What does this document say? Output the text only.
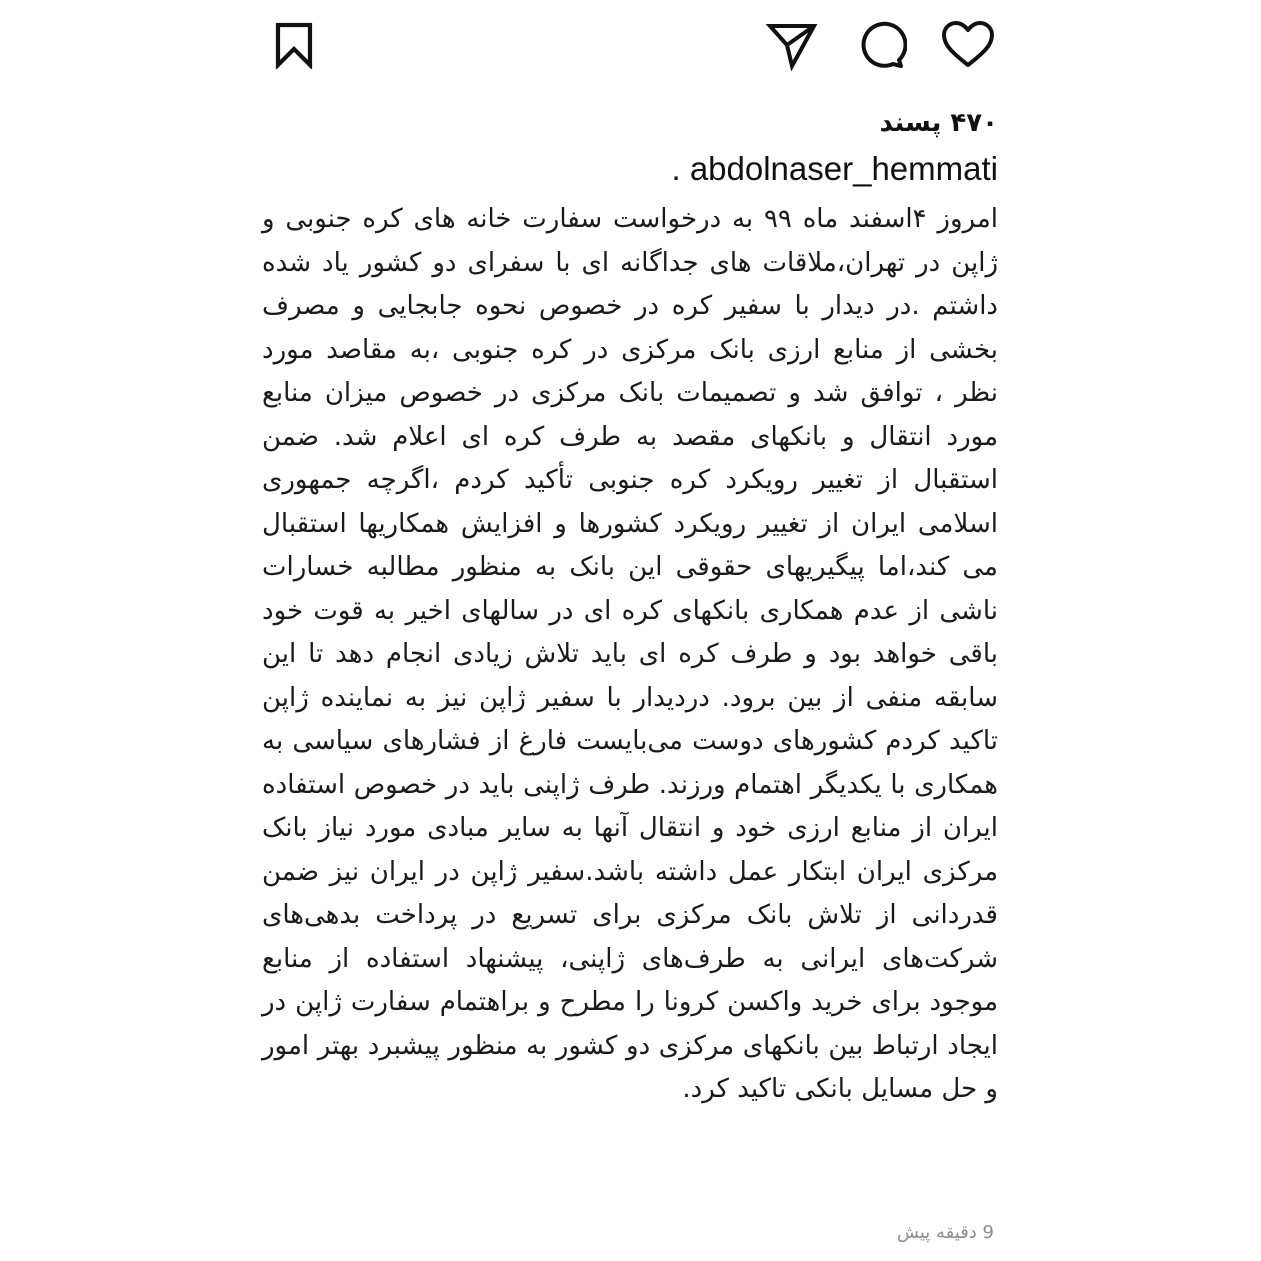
۴۷۰ پسند
. abdolnaser_hemmati
امروز ۴اسفند ماه ۹۹ به درخواست سفارت خانه های کره جنوبی و ژاپن در تهران،ملاقات های جداگانه ای با سفرای دو کشور یاد شده داشتم .در دیدار با سفیر کره در خصوص نحوه جابجایی و مصرف بخشی از منابع ارزی بانک مرکزی در کره جنوبی ،به مقاصد مورد نظر ، توافق شد و تصمیمات بانک مرکزی در خصوص میزان منابع مورد انتقال و بانکهای مقصد به طرف کره ای اعلام شد. ضمن استقبال از تغییر رویکرد کره جنوبی تأکید کردم ،اگرچه جمهوری اسلامی ایران از تغییر رویکرد کشورها و افزایش همکاریها استقبال می کند،اما پیگیریهای حقوقی این بانک به منظور مطالبه خسارات ناشی از عدم همکاری بانکهای کره ای در سالهای اخیر به قوت خود باقی خواهد بود و طرف کره ای باید تلاش زیادی انجام دهد تا این سابقه منفی از بین برود. دردیدار با سفیر ژاپن نیز به نماینده ژاپن تاکید کردم کشورهای دوست می‌بایست فارغ از فشارهای سیاسی به همکاری با یکدیگر اهتمام ورزند. طرف ژاپنی باید در خصوص استفاده ایران از منابع ارزی خود و انتقال آنها به سایر مبادی مورد نیاز بانک مرکزی ایران ابتکار عمل داشته باشد.سفیر ژاپن در ایران نیز ضمن قدردانی از تلاش بانک مرکزی برای تسریع در پرداخت بدهی‌های شرکت‌های ایرانی به طرف‌های ژاپنی، پیشنهاد استفاده از منابع موجود برای خرید واکسن کرونا را مطرح و براهتمام سفارت ژاپن در ایجاد ارتباط بین بانکهای مرکزی دو کشور به منظور پیشبرد بهتر امور و حل مسایل بانکی تاکید کرد.
9 دقیقه پیش
